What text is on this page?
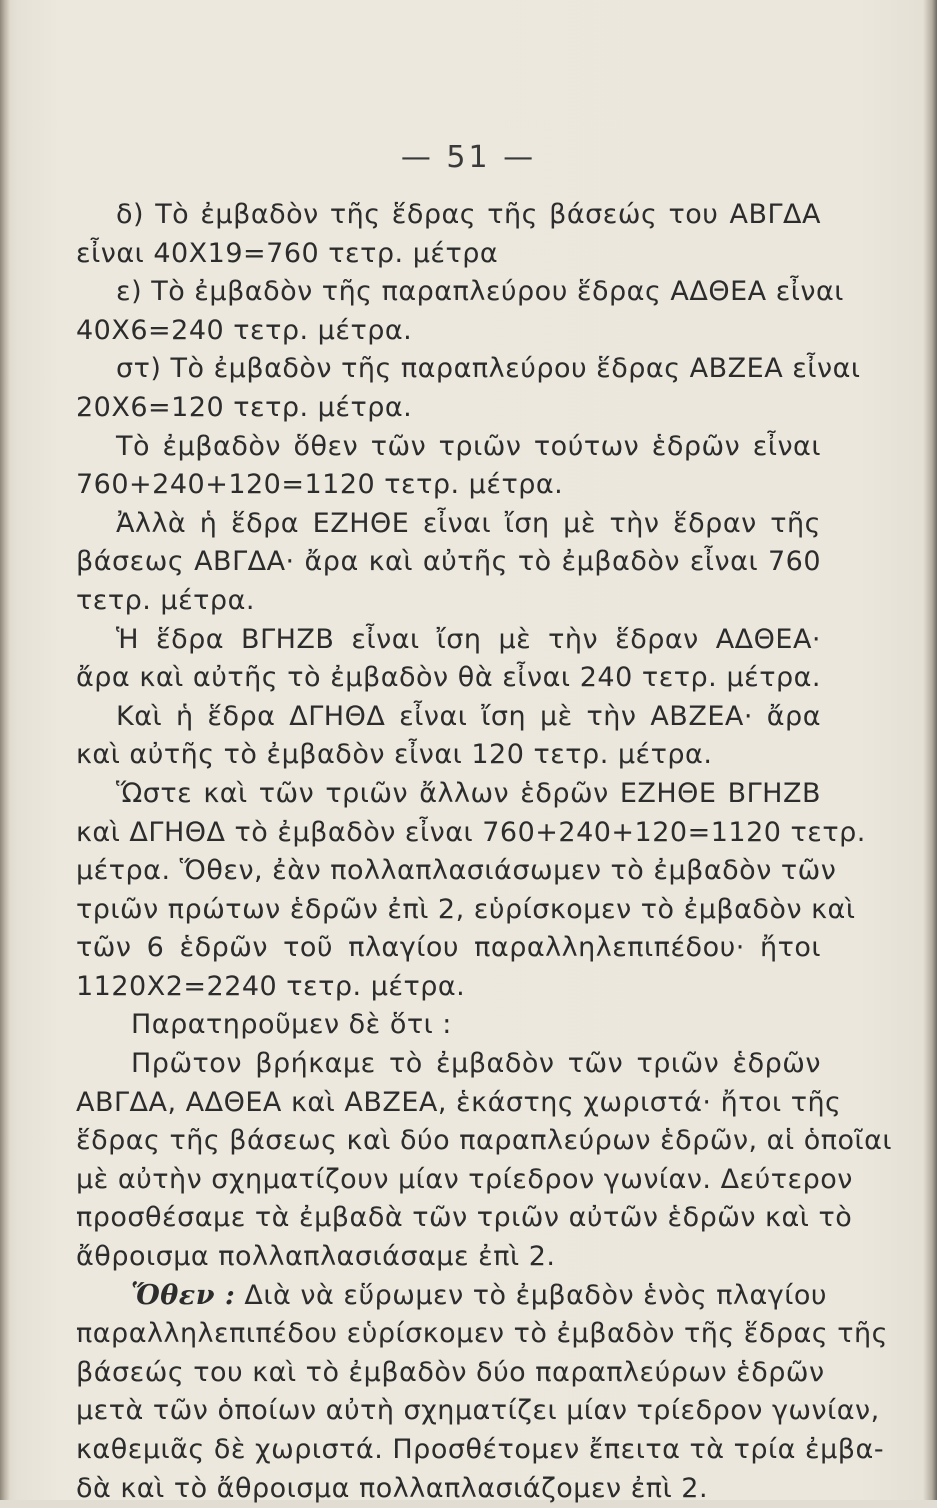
— 51 —
δ) Τὸ ἐμβαδὸν τῆς ἕδρας τῆς βάσεώς του ΑΒΓΔΑ
εἶναι 40Χ19=760 τετρ. μέτρα
ε) Τὸ ἐμβαδὸν τῆς παραπλεύρου ἕδρας ΑΔΘΕΑ εἶναι
40Χ6=240 τετρ. μέτρα.
στ) Τὸ ἐμβαδὸν τῆς παραπλεύρου ἕδρας ΑΒΖΕΑ εἶναι
20Χ6=120 τετρ. μέτρα.
Τὸ ἐμβαδὸν ὅθεν τῶν τριῶν τούτων ἑδρῶν εἶναι
760+240+120=1120 τετρ. μέτρα.
Ἀλλὰ ἡ ἕδρα ΕΖΗΘΕ εἶναι ἴση μὲ τὴν ἕδραν τῆς
βάσεως ΑΒΓΔΑ· ἄρα καὶ αὐτῆς τὸ ἐμβαδὸν εἶναι 760
τετρ. μέτρα.
Ἡ ἕδρα ΒΓΗΖΒ εἶναι ἴση μὲ τὴν ἕδραν ΑΔΘΕΑ·
ἄρα καὶ αὐτῆς τὸ ἐμβαδὸν θὰ εἶναι 240 τετρ. μέτρα.
Καὶ ἡ ἕδρα ΔΓΗΘΔ εἶναι ἴση μὲ τὴν ΑΒΖΕΑ· ἄρα
καὶ αὐτῆς τὸ ἐμβαδὸν εἶναι 120 τετρ. μέτρα.
Ὥστε καὶ τῶν τριῶν ἄλλων ἑδρῶν ΕΖΗΘΕ ΒΓΗΖΒ
καὶ ΔΓΗΘΔ τὸ ἐμβαδὸν εἶναι 760+240+120=1120 τετρ.
μέτρα. Ὅθεν, ἐὰν πολλαπλασιάσωμεν τὸ ἐμβαδὸν τῶν
τριῶν πρώτων ἑδρῶν ἐπὶ 2, εὑρίσκομεν τὸ ἐμβαδὸν καὶ
τῶν 6 ἑδρῶν τοῦ πλαγίου παραλληλεπιπέδου· ἤτοι
1120Χ2=2240 τετρ. μέτρα.
Παρατηροῦμεν δὲ ὅτι :
Πρῶτον βρήκαμε τὸ ἐμβαδὸν τῶν τριῶν ἑδρῶν
ΑΒΓΔΑ, ΑΔΘΕΑ καὶ ΑΒΖΕΑ, ἑκάστης χωριστά· ἤτοι τῆς
ἕδρας τῆς βάσεως καὶ δύο παραπλεύρων ἑδρῶν, αἱ ὁποῖαι
μὲ αὐτὴν σχηματίζουν μίαν τρίεδρον γωνίαν. Δεύτερον
προσθέσαμε τὰ ἐμβαδὰ τῶν τριῶν αὐτῶν ἑδρῶν καὶ τὸ
ἄθροισμα πολλαπλασιάσαμε ἐπὶ 2.
Ὅθεν : Διὰ νὰ εὕρωμεν τὸ ἐμβαδὸν ἑνὸς πλαγίου
παραλληλεπιπέδου εὑρίσκομεν τὸ ἐμβαδὸν τῆς ἕδρας τῆς
βάσεώς του καὶ τὸ ἐμβαδὸν δύο παραπλεύρων ἑδρῶν
μετὰ τῶν ὁποίων αὐτὴ σχηματίζει μίαν τρίεδρον γωνίαν,
καθεμιᾶς δὲ χωριστά. Προσθέτομεν ἔπειτα τὰ τρία ἐμβα-
δὰ καὶ τὸ ἄθροισμα πολλαπλασιάζομεν ἐπὶ 2.
